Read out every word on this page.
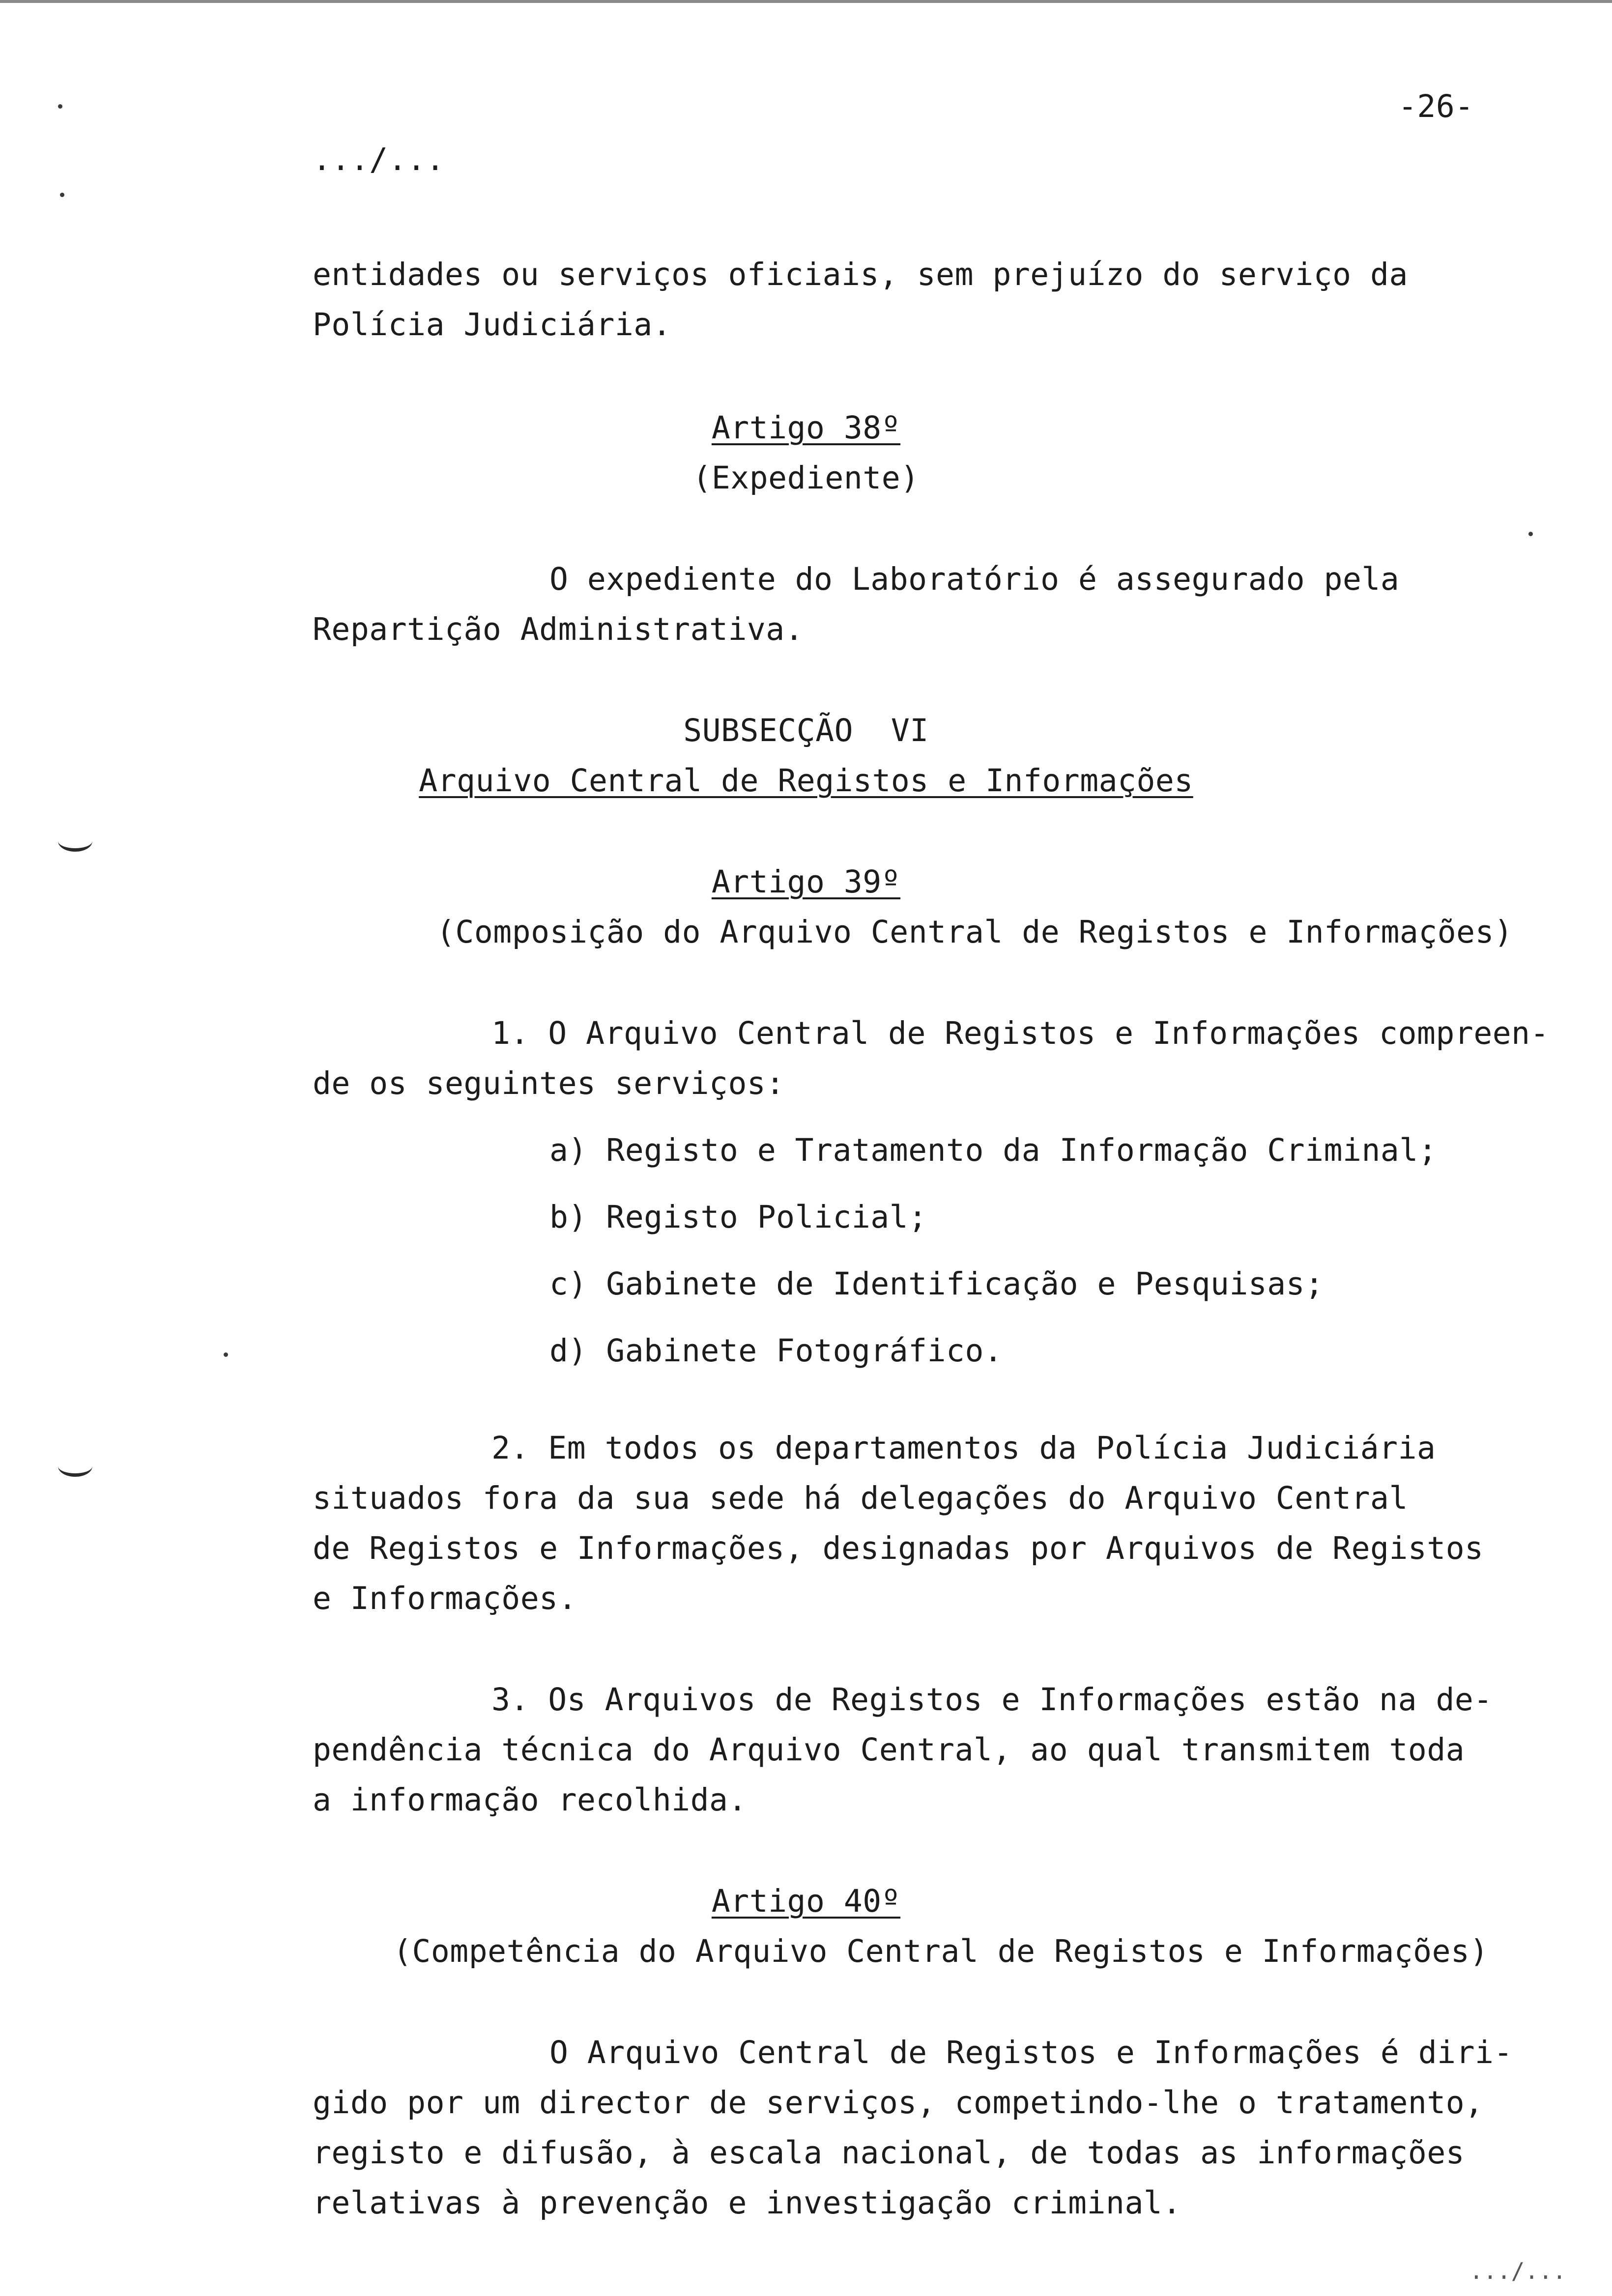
-26-
.../...
entidades ou serviços oficiais, sem prejuízo do serviço da
Polícia Judiciária.
Artigo 38º
(Expediente)
O expediente do Laboratório é assegurado pela
Repartição Administrativa.
SUBSECÇÃO  VI
Arquivo Central de Registos e Informações
Artigo 39º
(Composição do Arquivo Central de Registos e Informações)
1. O Arquivo Central de Registos e Informações compreen-
de os seguintes serviços:
a) Registo e Tratamento da Informação Criminal;
b) Registo Policial;
c) Gabinete de Identificação e Pesquisas;
d) Gabinete Fotográfico.
2. Em todos os departamentos da Polícia Judiciária
situados fora da sua sede há delegações do Arquivo Central
de Registos e Informações, designadas por Arquivos de Registos
e Informações.
3. Os Arquivos de Registos e Informações estão na de-
pendência técnica do Arquivo Central, ao qual transmitem toda
a informação recolhida.
Artigo 40º
(Competência do Arquivo Central de Registos e Informações)
O Arquivo Central de Registos e Informações é diri-
gido por um director de serviços, competindo-lhe o tratamento,
registo e difusão, à escala nacional, de todas as informações
relativas à prevenção e investigação criminal.
.../...
